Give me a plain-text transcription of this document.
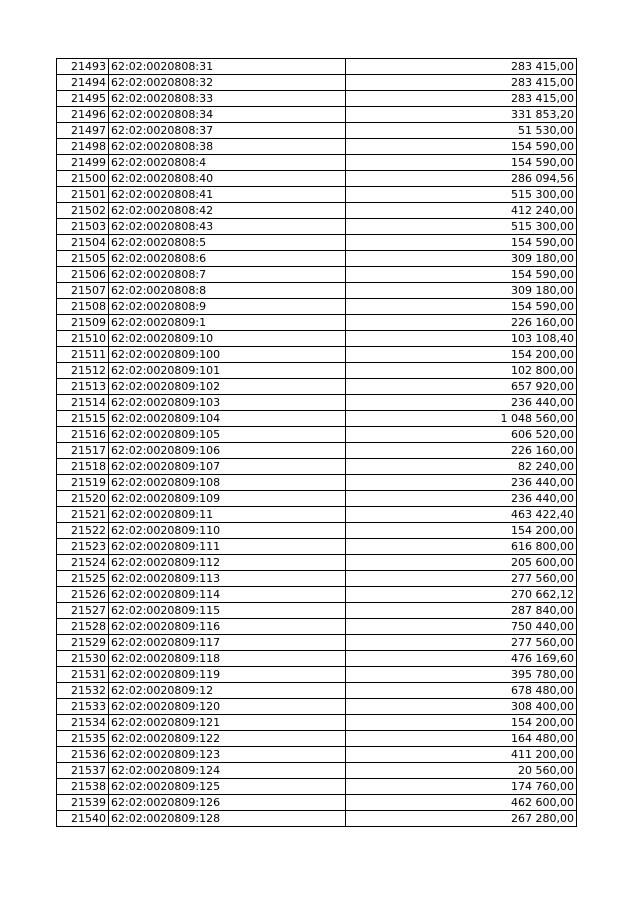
21493	62:02:0020808:31	283 415,00
21494	62:02:0020808:32	283 415,00
21495	62:02:0020808:33	283 415,00
21496	62:02:0020808:34	331 853,20
21497	62:02:0020808:37	51 530,00
21498	62:02:0020808:38	154 590,00
21499	62:02:0020808:4	154 590,00
21500	62:02:0020808:40	286 094,56
21501	62:02:0020808:41	515 300,00
21502	62:02:0020808:42	412 240,00
21503	62:02:0020808:43	515 300,00
21504	62:02:0020808:5	154 590,00
21505	62:02:0020808:6	309 180,00
21506	62:02:0020808:7	154 590,00
21507	62:02:0020808:8	309 180,00
21508	62:02:0020808:9	154 590,00
21509	62:02:0020809:1	226 160,00
21510	62:02:0020809:10	103 108,40
21511	62:02:0020809:100	154 200,00
21512	62:02:0020809:101	102 800,00
21513	62:02:0020809:102	657 920,00
21514	62:02:0020809:103	236 440,00
21515	62:02:0020809:104	1 048 560,00
21516	62:02:0020809:105	606 520,00
21517	62:02:0020809:106	226 160,00
21518	62:02:0020809:107	82 240,00
21519	62:02:0020809:108	236 440,00
21520	62:02:0020809:109	236 440,00
21521	62:02:0020809:11	463 422,40
21522	62:02:0020809:110	154 200,00
21523	62:02:0020809:111	616 800,00
21524	62:02:0020809:112	205 600,00
21525	62:02:0020809:113	277 560,00
21526	62:02:0020809:114	270 662,12
21527	62:02:0020809:115	287 840,00
21528	62:02:0020809:116	750 440,00
21529	62:02:0020809:117	277 560,00
21530	62:02:0020809:118	476 169,60
21531	62:02:0020809:119	395 780,00
21532	62:02:0020809:12	678 480,00
21533	62:02:0020809:120	308 400,00
21534	62:02:0020809:121	154 200,00
21535	62:02:0020809:122	164 480,00
21536	62:02:0020809:123	411 200,00
21537	62:02:0020809:124	20 560,00
21538	62:02:0020809:125	174 760,00
21539	62:02:0020809:126	462 600,00
21540	62:02:0020809:128	267 280,00
